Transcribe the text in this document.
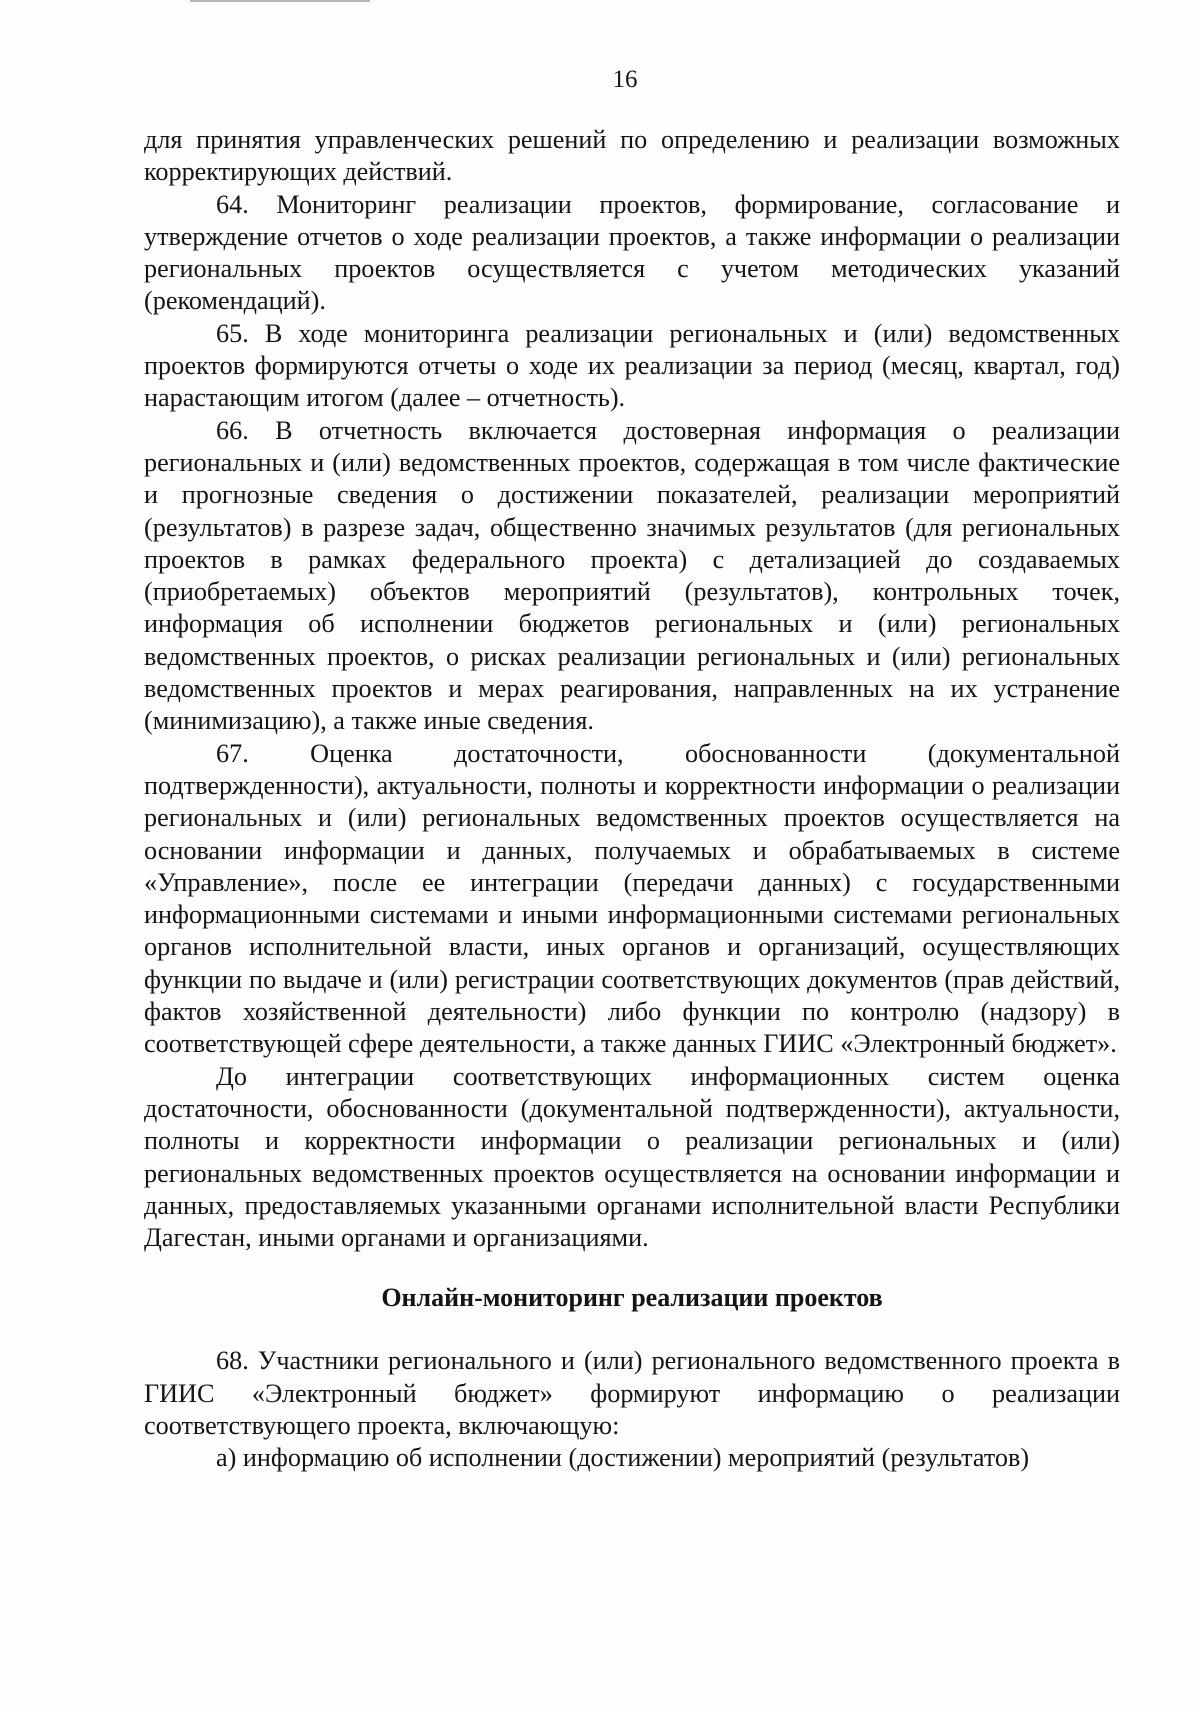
16

для принятия управленческих решений по определению и реализации возможных корректирующих действий.

64. Мониторинг реализации проектов, формирование, согласование и утверждение отчетов о ходе реализации проектов, а также информации о реализации региональных проектов осуществляется с учетом методических указаний (рекомендаций).

65. В ходе мониторинга реализации региональных и (или) ведомственных проектов формируются отчеты о ходе их реализации за период (месяц, квартал, год) нарастающим итогом (далее – отчетность).

66. В отчетность включается достоверная информация о реализации региональных и (или) ведомственных проектов, содержащая в том числе фактические и прогнозные сведения о достижении показателей, реализации мероприятий (результатов) в разрезе задач, общественно значимых результатов (для региональных проектов в рамках федерального проекта) с детализацией до создаваемых (приобретаемых) объектов мероприятий (результатов), контрольных точек, информация об исполнении бюджетов региональных и (или) региональных ведомственных проектов, о рисках реализации региональных и (или) региональных ведомственных проектов и мерах реагирования, направленных на их устранение (минимизацию), а также иные сведения.

67. Оценка достаточности, обоснованности (документальной подтвержденности), актуальности, полноты и корректности информации о реализации региональных и (или) региональных ведомственных проектов осуществляется на основании информации и данных, получаемых и обрабатываемых в системе «Управление», после ее интеграции (передачи данных) с государственными информационными системами и иными информационными системами региональных органов исполнительной власти, иных органов и организаций, осуществляющих функции по выдаче и (или) регистрации соответствующих документов (прав действий, фактов хозяйственной деятельности) либо функции по контролю (надзору) в соответствующей сфере деятельности, а также данных ГИИС «Электронный бюджет».

До интеграции соответствующих информационных систем оценка достаточности, обоснованности (документальной подтвержденности), актуальности, полноты и корректности информации о реализации региональных и (или) региональных ведомственных проектов осуществляется на основании информации и данных, предоставляемых указанными органами исполнительной власти Республики Дагестан, иными органами и организациями.

Онлайн-мониторинг реализации проектов

68. Участники регионального и (или) регионального ведомственного проекта в ГИИС «Электронный бюджет» формируют информацию о реализации соответствующего проекта, включающую:

а) информацию об исполнении (достижении) мероприятий (результатов)
